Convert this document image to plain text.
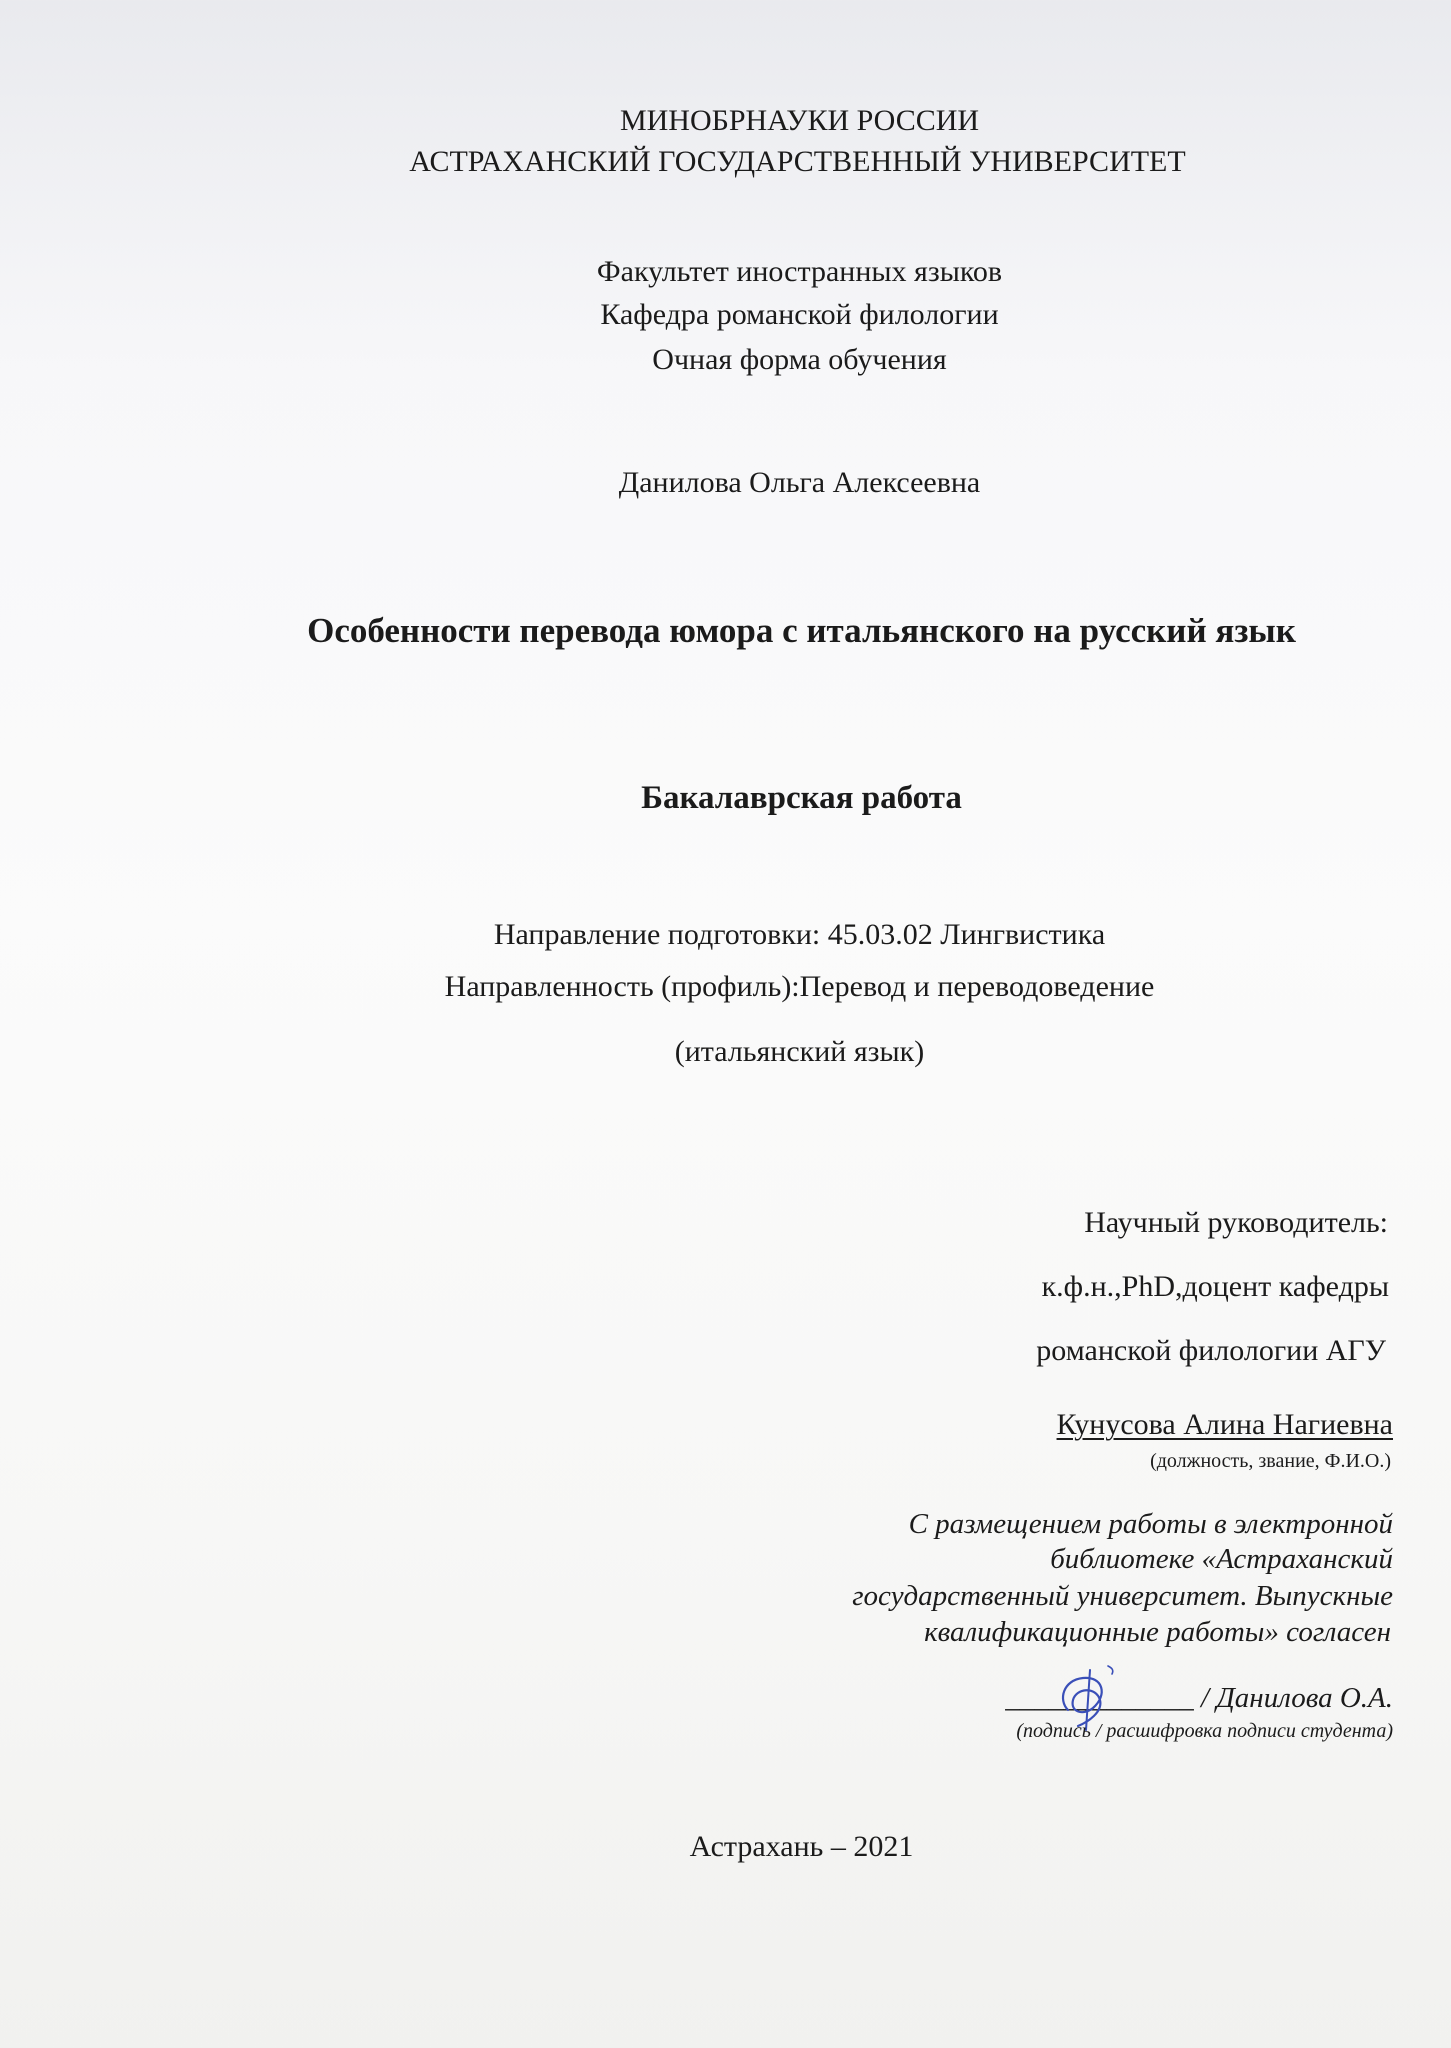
МИНОБРНАУКИ РОССИИ
АСТРАХАНСКИЙ ГОСУДАРСТВЕННЫЙ УНИВЕРСИТЕТ
Факультет иностранных языков
Кафедра романской филологии
Очная форма обучения
Данилова Ольга Алексеевна
Особенности перевода юмора с итальянского на русский язык
Бакалаврская работа
Направление подготовки: 45.03.02 Лингвистика
Направленность (профиль):Перевод и переводоведение
(итальянский язык)
Научный руководитель:
к.ф.н.,PhD,доцент кафедры
романской филологии АГУ
Кунусова Алина Нагиевна
(должность, звание, Ф.И.О.)
С размещением работы в электронной
библиотеке «Астраханский
государственный университет. Выпускные
квалификационные работы» согласен
_____________ / Данилова О.А.
(подпись / расшифровка подписи студента)
Астрахань – 2021
